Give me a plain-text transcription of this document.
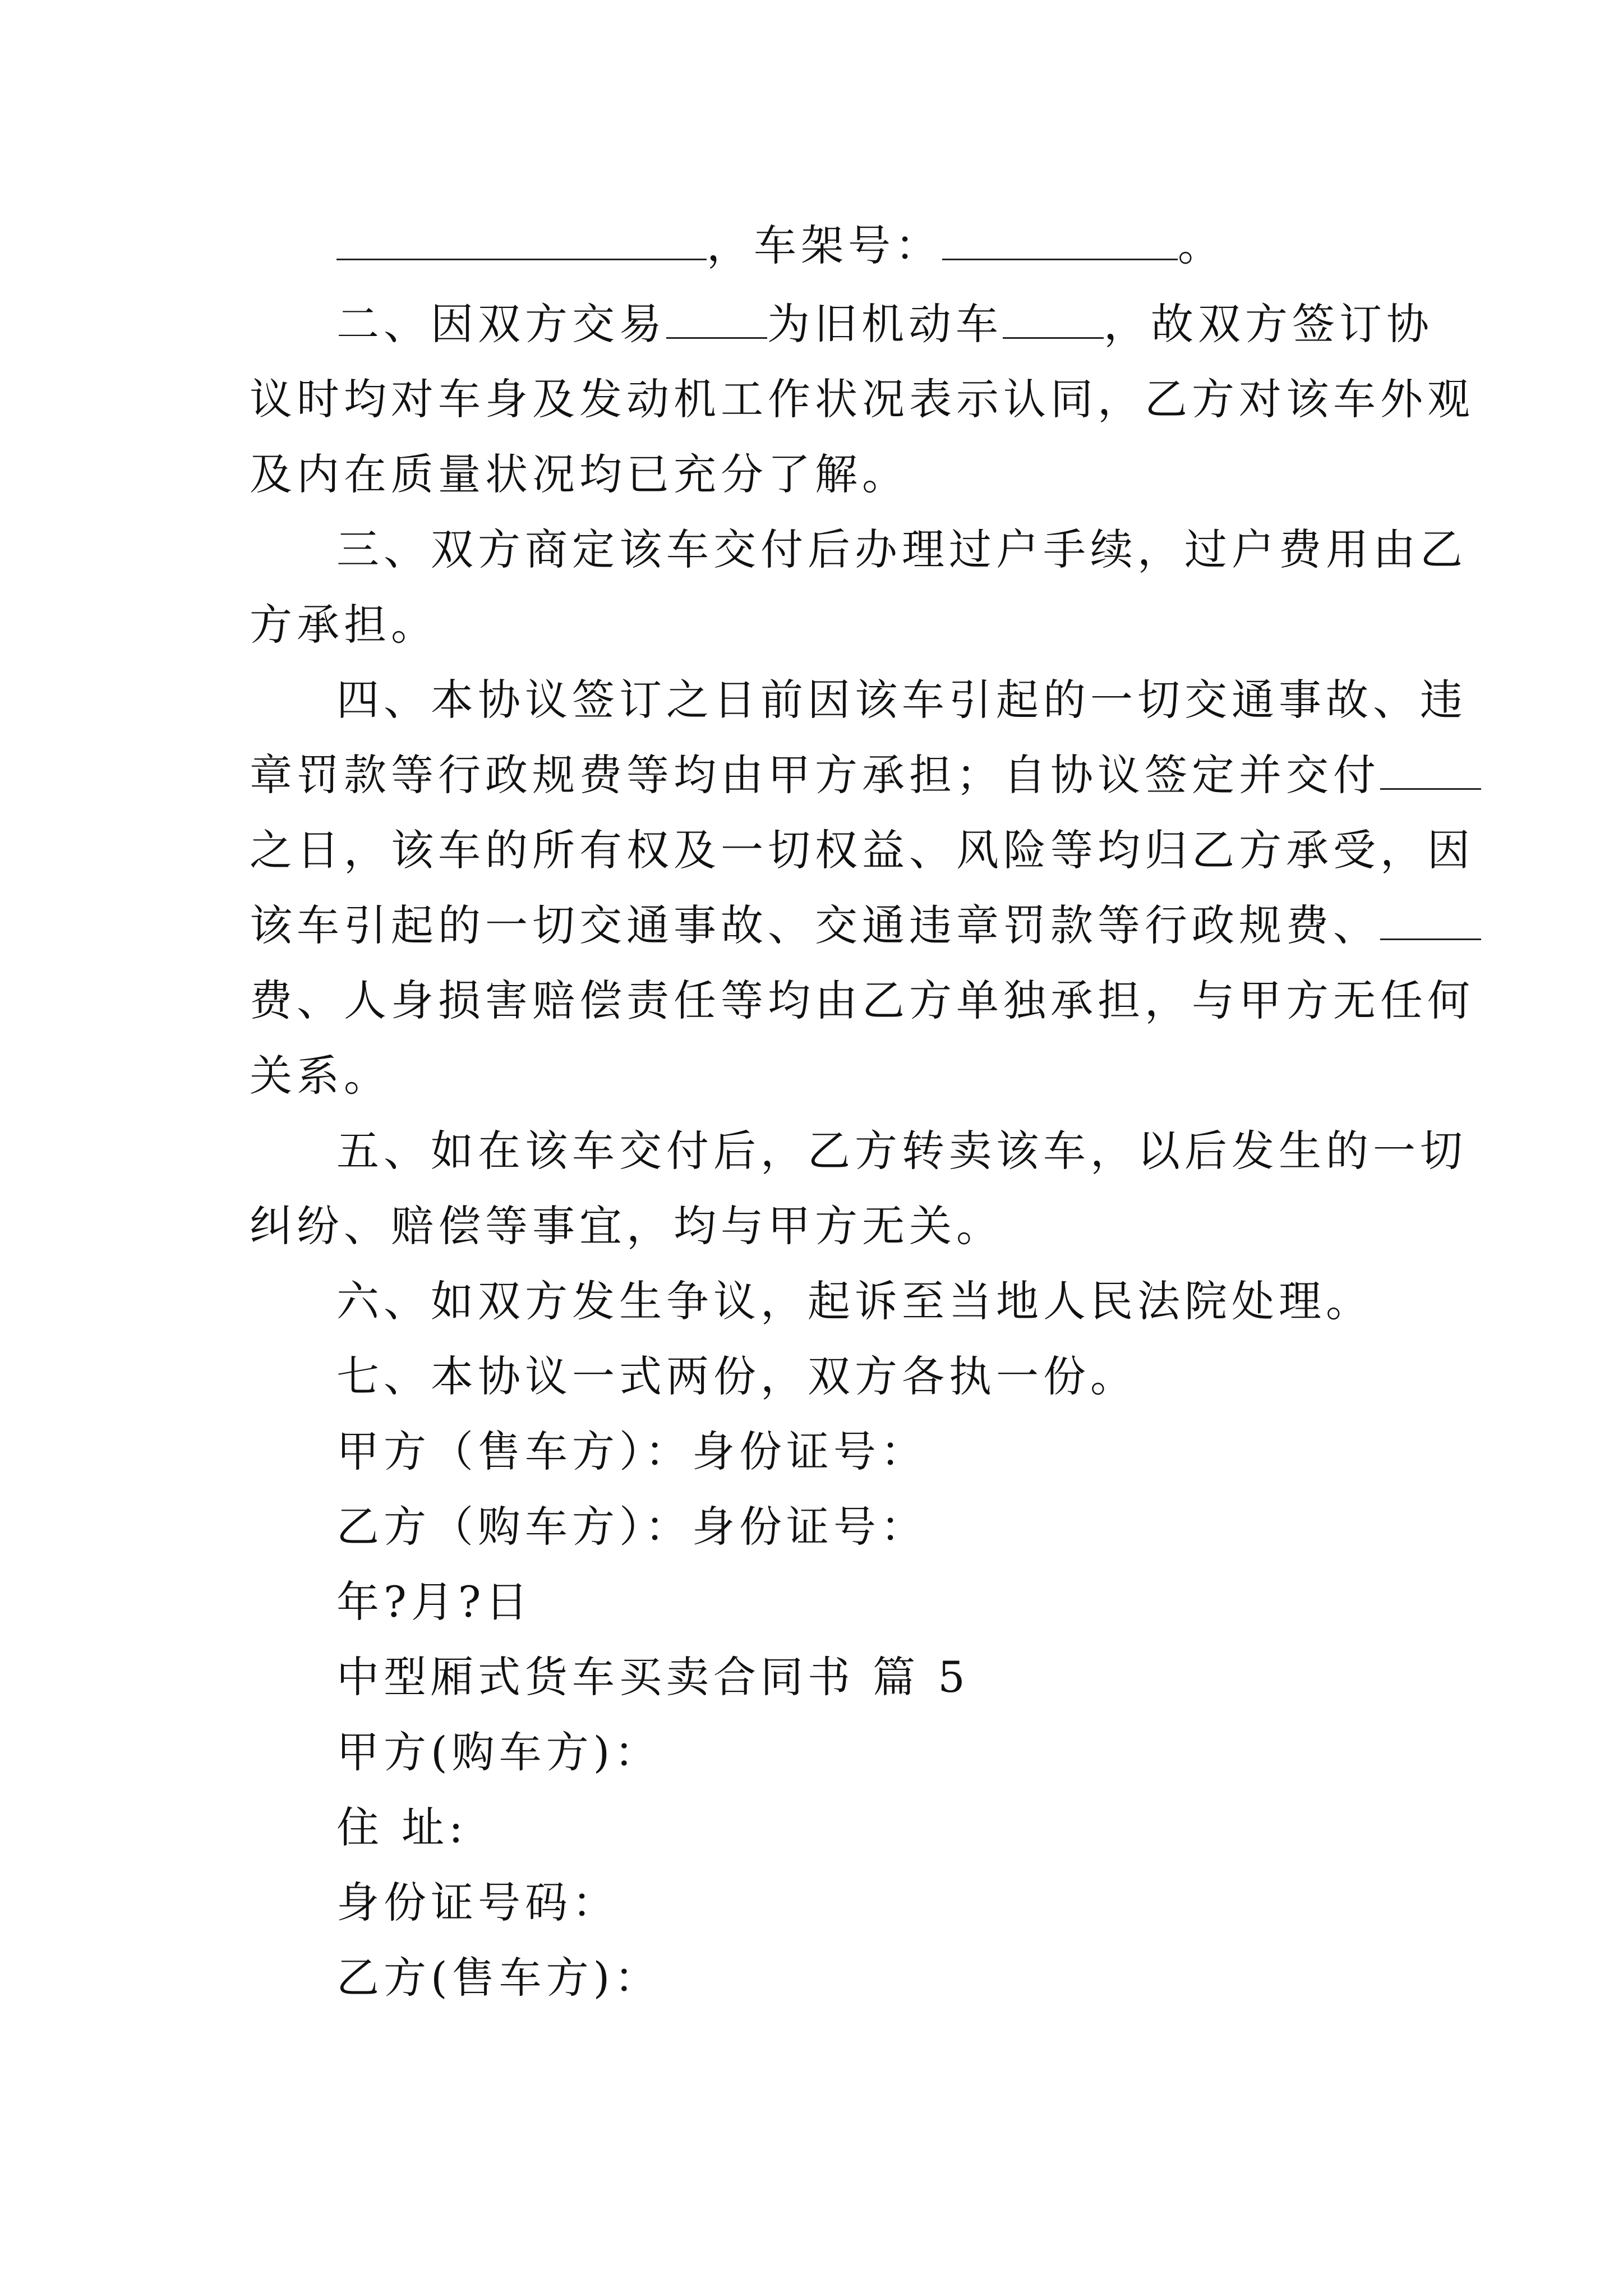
，车架号：	。
二、因双方交易 为旧机动车 ，故双方签订协
议时均对车身及发动机工作状况表示认同，乙方对该车外观
及内在质量状况均已充分了解。
三、双方商定该车交付后办理过户手续，过户费用由乙
方承担。
四、本协议签订之日前因该车引起的一切交通事故、违
章罚款等行政规费等均由甲方承担；自协议签定并交付
之日，该车的所有权及一切权益、风险等均归乙方承受，因
该车引起的一切交通事故、交通违章罚款等行政规费、
费、人身损害赔偿责任等均由乙方单独承担，与甲方无任何
关系。
五、如在该车交付后，乙方转卖该车，以后发生的一切
纠纷、赔偿等事宜，均与甲方无关。
六、如双方发生争议，起诉至当地人民法院处理。
七、本协议一式两份，双方各执一份。
甲方（售车方）：身份证号：
乙方（购车方）：身份证号：
年?月?日
中型厢式货车买卖合同书 篇 5
甲方(购车方)：
住 址:
身份证号码：
乙方(售车方)：
